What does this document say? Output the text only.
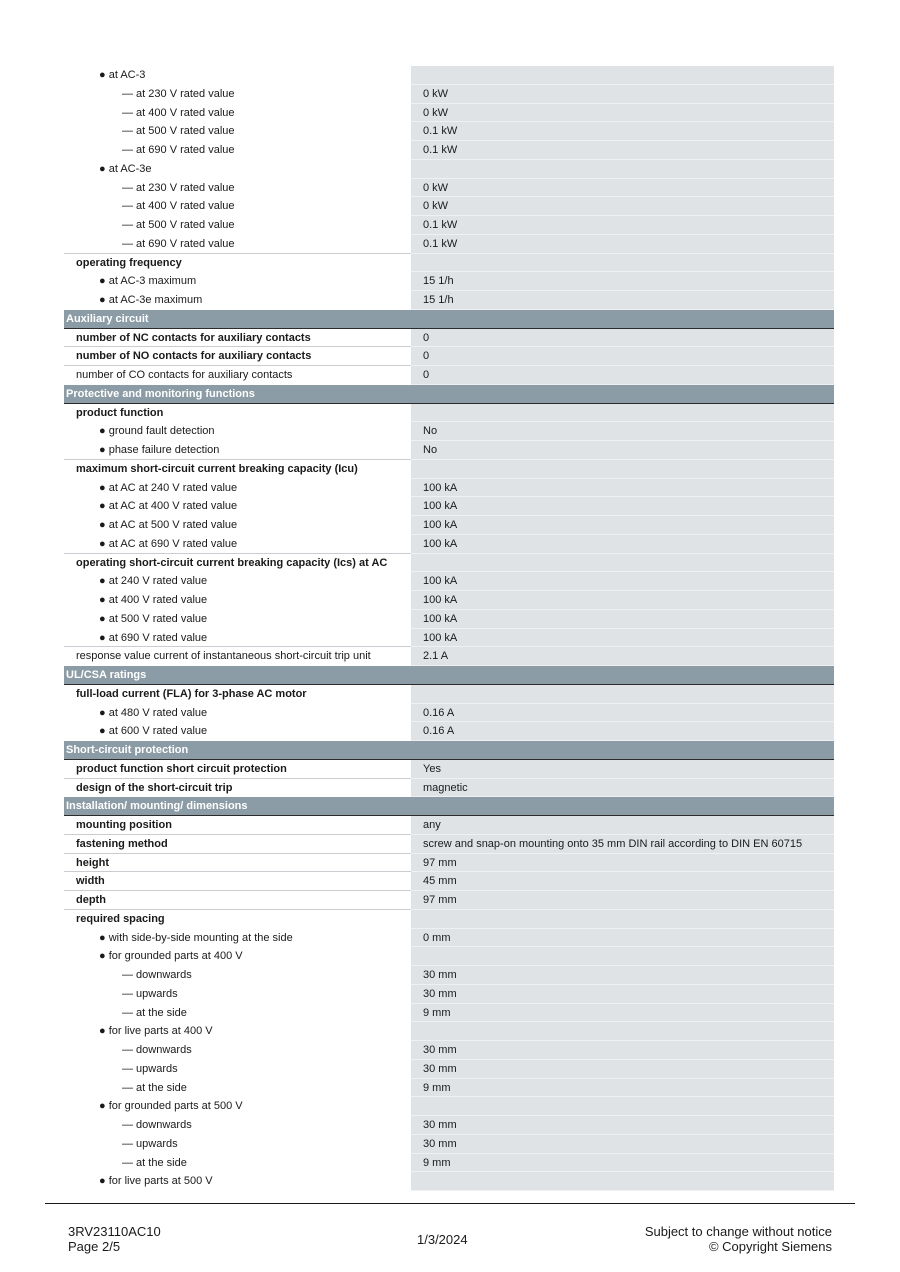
● at AC-3
— at 230 V rated value	0 kW
— at 400 V rated value	0 kW
— at 500 V rated value	0.1 kW
— at 690 V rated value	0.1 kW
● at AC-3e
— at 230 V rated value	0 kW
— at 400 V rated value	0 kW
— at 500 V rated value	0.1 kW
— at 690 V rated value	0.1 kW
operating frequency
● at AC-3 maximum	15 1/h
● at AC-3e maximum	15 1/h
Auxiliary circuit
number of NC contacts for auxiliary contacts	0
number of NO contacts for auxiliary contacts	0
number of CO contacts for auxiliary contacts	0
Protective and monitoring functions
product function
● ground fault detection	No
● phase failure detection	No
maximum short-circuit current breaking capacity (Icu)
● at AC at 240 V rated value	100 kA
● at AC at 400 V rated value	100 kA
● at AC at 500 V rated value	100 kA
● at AC at 690 V rated value	100 kA
operating short-circuit current breaking capacity (Ics) at AC
● at 240 V rated value	100 kA
● at 400 V rated value	100 kA
● at 500 V rated value	100 kA
● at 690 V rated value	100 kA
response value current of instantaneous short-circuit trip unit	2.1 A
UL/CSA ratings
full-load current (FLA) for 3-phase AC motor
● at 480 V rated value	0.16 A
● at 600 V rated value	0.16 A
Short-circuit protection
product function short circuit protection	Yes
design of the short-circuit trip	magnetic
Installation/ mounting/ dimensions
mounting position	any
fastening method	screw and snap-on mounting onto 35 mm DIN rail according to DIN EN 60715
height	97 mm
width	45 mm
depth	97 mm
required spacing
● with side-by-side mounting at the side	0 mm
● for grounded parts at 400 V
— downwards	30 mm
— upwards	30 mm
— at the side	9 mm
● for live parts at 400 V
— downwards	30 mm
— upwards	30 mm
— at the side	9 mm
● for grounded parts at 500 V
— downwards	30 mm
— upwards	30 mm
— at the side	9 mm
● for live parts at 500 V
3RV23110AC10
Page 2/5	1/3/2024
Subject to change without notice
© Copyright Siemens
